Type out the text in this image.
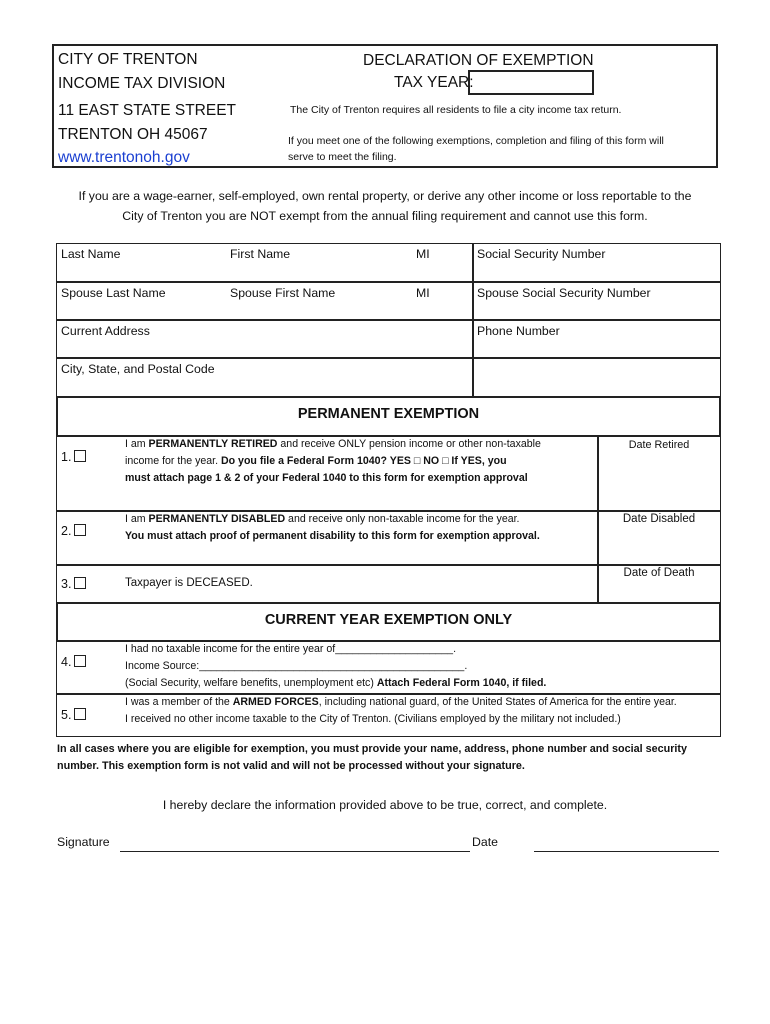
CITY OF TRENTON
INCOME TAX DIVISION
11 EAST STATE STREET
TRENTON OH 45067
www.trentonoh.gov
DECLARATION OF EXEMPTION
TAX YEAR:
The City of Trenton requires all residents to file a city income tax return.
If you meet one of the following exemptions, completion and filing of this form will
serve to meet the filing.
If you are a wage-earner, self-employed, own rental property, or derive any other income or loss reportable to the
City of Trenton you are NOT exempt from the annual filing requirement and cannot use this form.
Last Name	First Name	MI	Social Security Number
Spouse Last Name	Spouse First Name	MI	Spouse Social Security Number
Current Address	Phone Number
City, State, and Postal Code
PERMANENT EXEMPTION
1.
I am PERMANENTLY RETIRED and receive ONLY pension income or other non-taxable
income for the year. Do you file a Federal Form 1040? YES □ NO □ If YES, you
must attach page 1 & 2 of your Federal 1040 to this form for exemption approval
Date Retired
2.
I am PERMANENTLY DISABLED and receive only non-taxable income for the year.
You must attach proof of permanent disability to this form for exemption approval.
Date Disabled
3.	Taxpayer is DECEASED.
Date of Death
CURRENT YEAR EXEMPTION ONLY
4.
I had no taxable income for the entire year of____________________.
Income Source:_____________________________________________.
(Social Security, welfare benefits, unemployment etc) Attach Federal Form 1040, if filed.
5.
I was a member of the ARMED FORCES, including national guard, of the United States of America for the entire year.
I received no other income taxable to the City of Trenton. (Civilians employed by the military not included.)
In all cases where you are eligible for exemption, you must provide your name, address, phone number and social security
number. This exemption form is not valid and will not be processed without your signature.
I hereby declare the information provided above to be true, correct, and complete.
Signature	Date
